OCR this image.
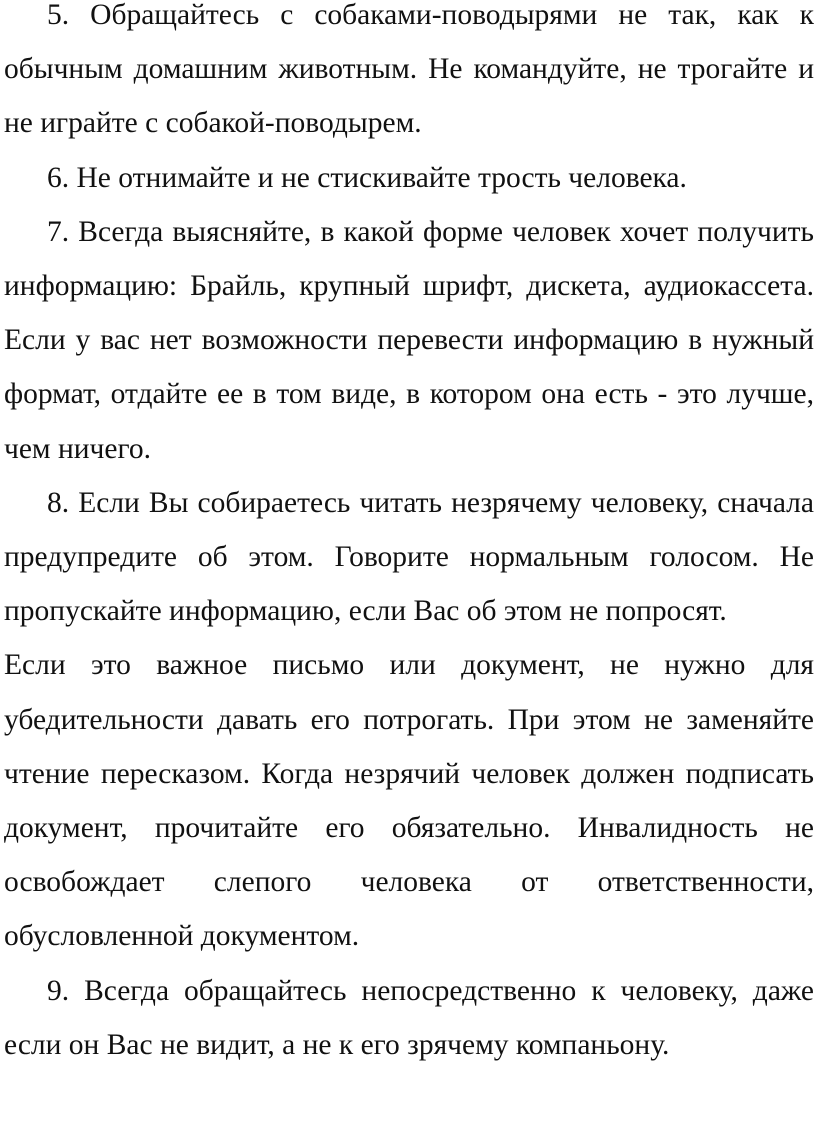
5. Обращайтесь с собаками-поводырями не так, как к обычным домашним животным. Не командуйте, не трогайте и не играйте с собакой-поводырем.

6. Не отнимайте и не стискивайте трость человека.

7. Всегда выясняйте, в какой форме человек хочет получить информацию: Брайль, крупный шрифт, дискета, аудиокассета. Если у вас нет возможности перевести информацию в нужный формат, отдайте ее в том виде, в котором она есть - это лучше, чем ничего.

8. Если Вы собираетесь читать незрячему человеку, сначала предупредите об этом. Говорите нормальным голосом. Не пропускайте информацию, если Вас об этом не попросят.

Если это важное письмо или документ, не нужно для убедительности давать его потрогать. При этом не заменяйте чтение пересказом. Когда незрячий человек должен подписать документ, прочитайте его обязательно. Инвалидность не освобождает слепого человека от ответственности, обусловленной документом.

9. Всегда обращайтесь непосредственно к человеку, даже если он Вас не видит, а не к его зрячему компаньону.
